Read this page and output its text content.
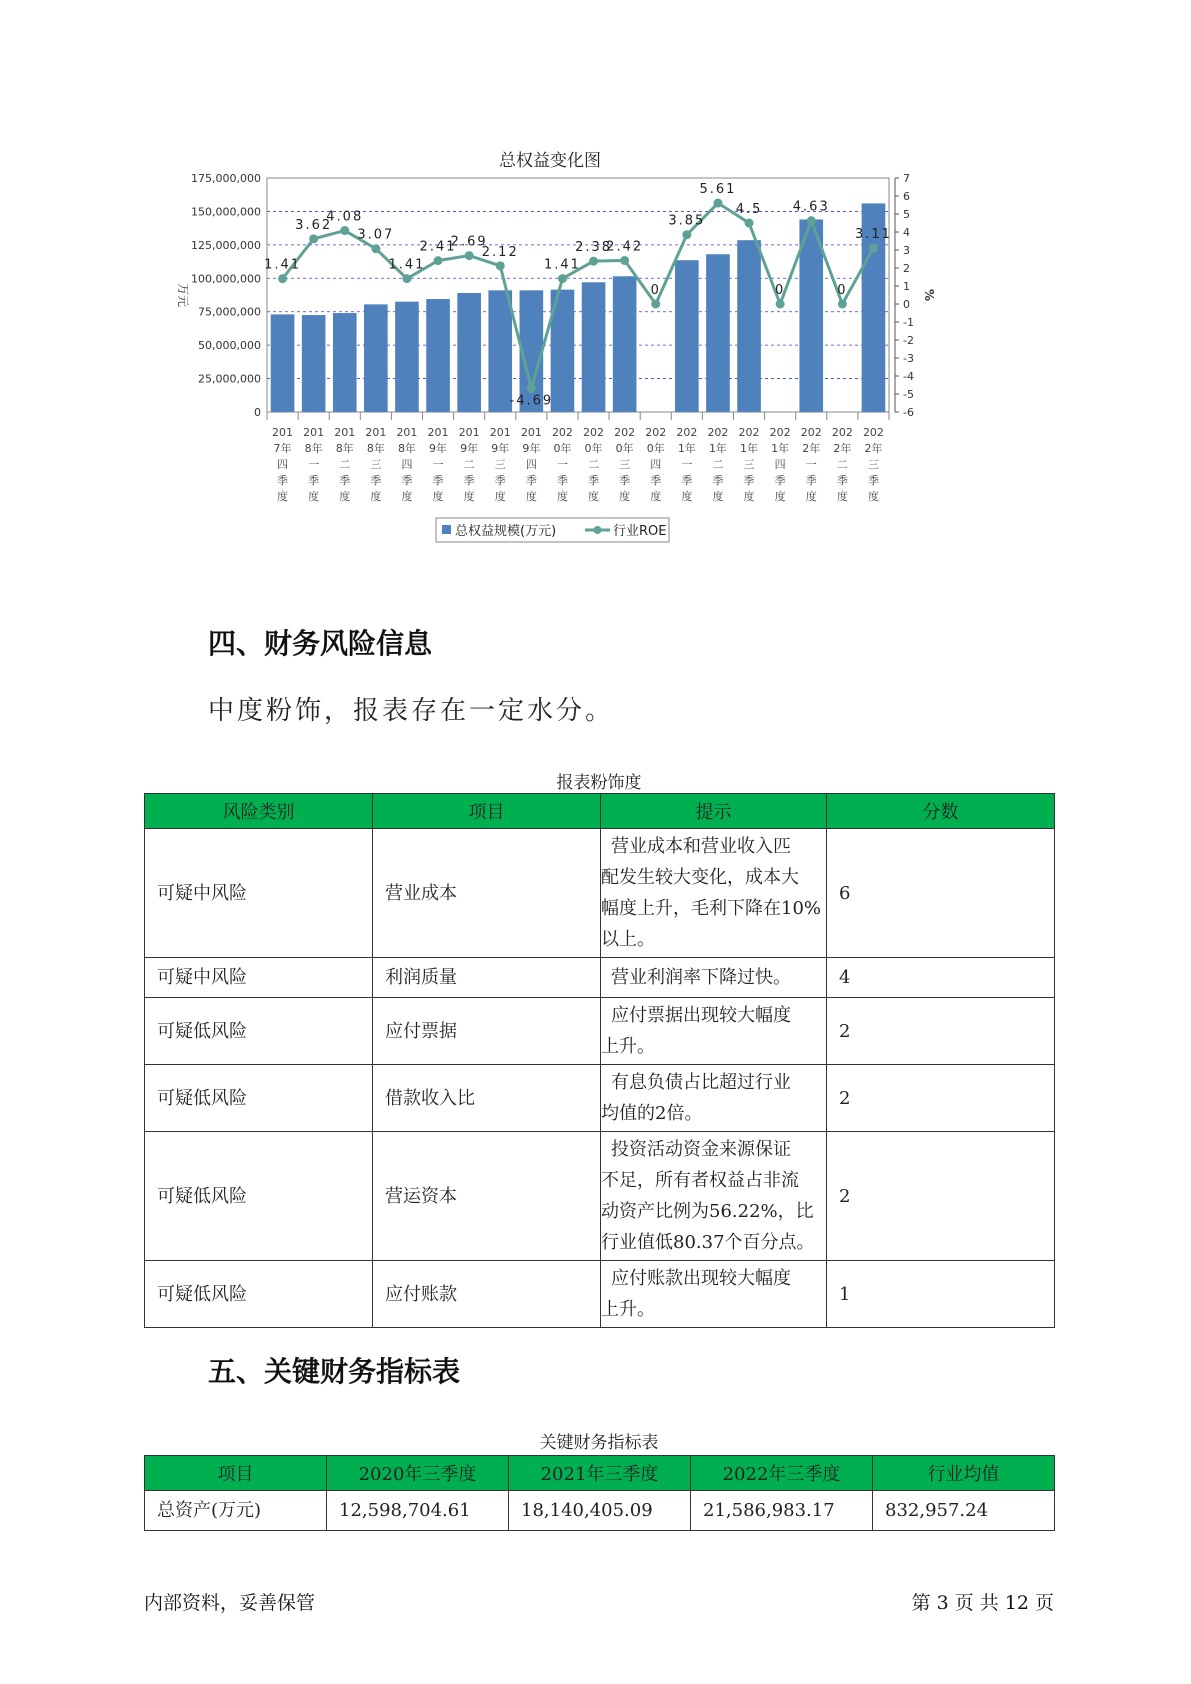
总权益变化图
0
25,000,000
50,000,000
75,000,000
100,000,000
125,000,000
150,000,000
175,000,000
-6
-5
-4
-3
-2
-1
0
1
2
3
4
5
6
7
万元	%
1.41
3.62
4.08
3.07
1.41
2.41
2.69
2.12
-4.69
1.41
2.38
2.42
0
3.85
5.61
4.5
0
4.63
0
3.11
201 7年四季度
201 8年一季度
201 8年二季度
201 8年三季度
201 8年四季度
201 9年一季度
201 9年二季度
201 9年三季度
201 9年四季度
202 0年一季度
202 0年二季度
202 0年三季度
202 0年四季度
202 1年一季度
202 1年二季度
202 1年三季度
202 1年四季度
202 2年一季度
202 2年二季度
202 2年三季度
总权益规模(万元)	行业ROE
四、财务风险信息
中度粉饰，报表存在一定水分。
报表粉饰度
风险类别	项目	提示	分数
可疑中风险	营业成本	营业成本和营业收入匹
配发生较大变化，成本大
幅度上升，毛利下降在10%
以上。	6
可疑中风险	利润质量	营业利润率下降过快。	4
可疑低风险	应付票据	应付票据出现较大幅度
上升。	2
可疑低风险	借款收入比	有息负债占比超过行业
均值的2倍。	2
可疑低风险	营运资本	投资活动资金来源保证
不足，所有者权益占非流
动资产比例为56.22%，比
行业值低80.37个百分点。	2
可疑低风险	应付账款	应付账款出现较大幅度
上升。	1
五、关键财务指标表
关键财务指标表
项目	2020年三季度	2021年三季度	2022年三季度	行业均值
总资产(万元)	12,598,704.61	18,140,405.09	21,586,983.17	832,957.24
内部资料，妥善保管	第 3 页 共 12 页
